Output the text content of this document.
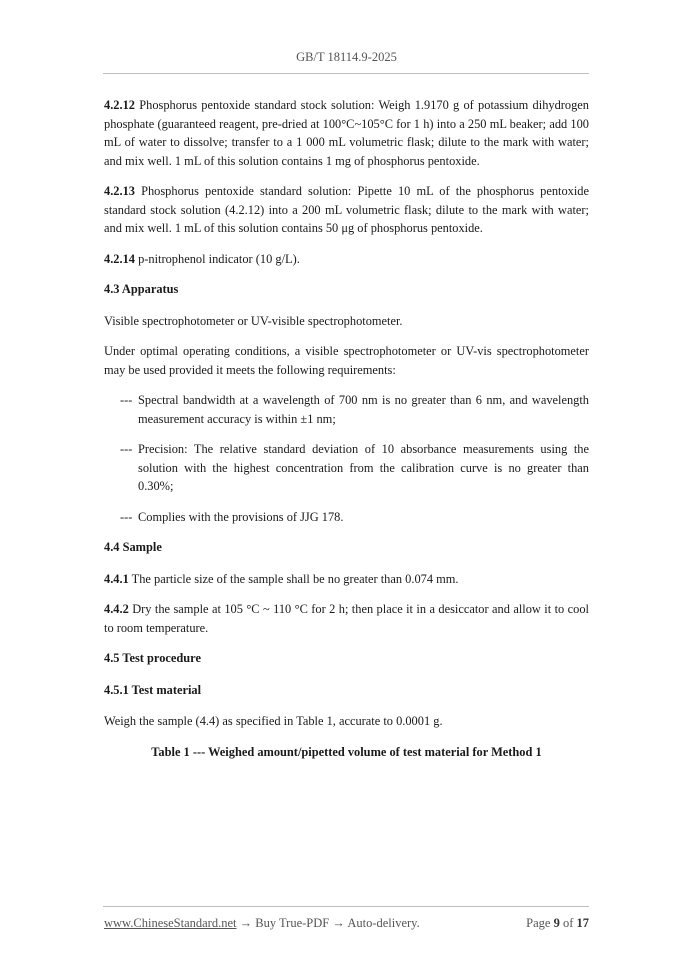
GB/T 18114.9-2025

4.2.12 Phosphorus pentoxide standard stock solution: Weigh 1.9170 g of potassium dihydrogen phosphate (guaranteed reagent, pre-dried at 100°C~105°C for 1 h) into a 250 mL beaker; add 100 mL of water to dissolve; transfer to a 1 000 mL volumetric flask; dilute to the mark with water; and mix well. 1 mL of this solution contains 1 mg of phosphorus pentoxide.

4.2.13 Phosphorus pentoxide standard solution: Pipette 10 mL of the phosphorus pentoxide standard stock solution (4.2.12) into a 200 mL volumetric flask; dilute to the mark with water; and mix well. 1 mL of this solution contains 50 μg of phosphorus pentoxide.

4.2.14 p-nitrophenol indicator (10 g/L).

4.3 Apparatus

Visible spectrophotometer or UV-visible spectrophotometer.

Under optimal operating conditions, a visible spectrophotometer or UV-vis spectrophotometer may be used provided it meets the following requirements:

--- Spectral bandwidth at a wavelength of 700 nm is no greater than 6 nm, and wavelength measurement accuracy is within ±1 nm;

--- Precision: The relative standard deviation of 10 absorbance measurements using the solution with the highest concentration from the calibration curve is no greater than 0.30%;

--- Complies with the provisions of JJG 178.

4.4 Sample

4.4.1 The particle size of the sample shall be no greater than 0.074 mm.

4.4.2 Dry the sample at 105 °C ~ 110 °C for 2 h; then place it in a desiccator and allow it to cool to room temperature.

4.5 Test procedure

4.5.1 Test material

Weigh the sample (4.4) as specified in Table 1, accurate to 0.0001 g.

Table 1 --- Weighed amount/pipetted volume of test material for Method 1

www.ChineseStandard.net → Buy True-PDF → Auto-delivery.	Page 9 of 17
